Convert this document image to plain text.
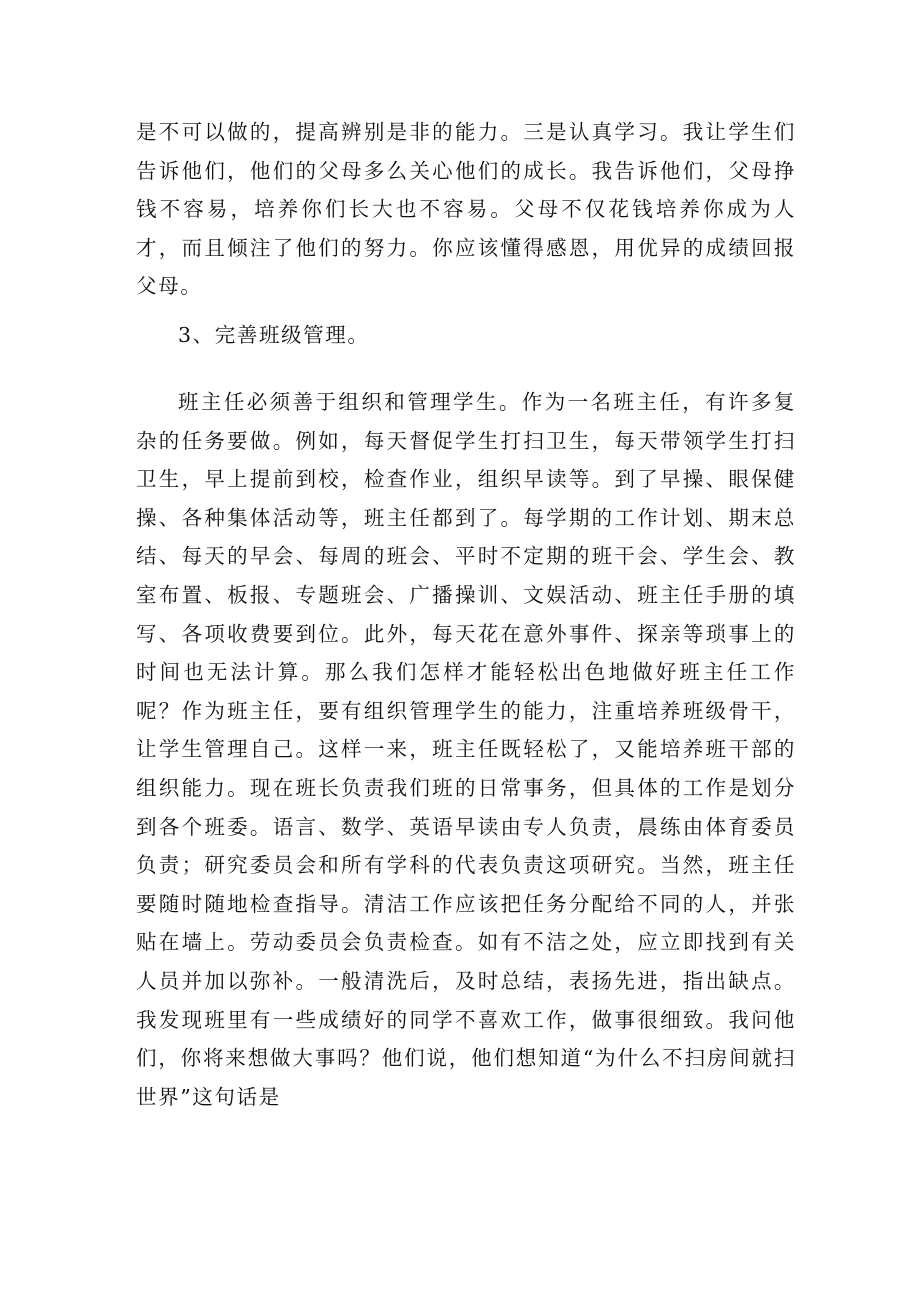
是不可以做的，提高辨别是非的能力。三是认真学习。我让学生们告诉他们，他们的父母多么关心他们的成长。我告诉他们，父母挣钱不容易，培养你们长大也不容易。父母不仅花钱培养你成为人才，而且倾注了他们的努力。你应该懂得感恩，用优异的成绩回报父母。

3、完善班级管理。

班主任必须善于组织和管理学生。作为一名班主任，有许多复杂的任务要做。例如，每天督促学生打扫卫生，每天带领学生打扫卫生，早上提前到校，检查作业，组织早读等。到了早操、眼保健操、各种集体活动等，班主任都到了。每学期的工作计划、期末总结、每天的早会、每周的班会、平时不定期的班干会、学生会、教室布置、板报、专题班会、广播操训、文娱活动、班主任手册的填写、各项收费要到位。此外，每天花在意外事件、探亲等琐事上的时间也无法计算。那么我们怎样才能轻松出色地做好班主任工作呢？作为班主任，要有组织管理学生的能力，注重培养班级骨干，让学生管理自己。这样一来，班主任既轻松了，又能培养班干部的组织能力。现在班长负责我们班的日常事务，但具体的工作是划分到各个班委。语言、数学、英语早读由专人负责，晨练由体育委员负责；研究委员会和所有学科的代表负责这项研究。当然，班主任要随时随地检查指导。清洁工作应该把任务分配给不同的人，并张贴在墙上。劳动委员会负责检查。如有不洁之处，应立即找到有关人员并加以弥补。一般清洗后，及时总结，表扬先进，指出缺点。我发现班里有一些成绩好的同学不喜欢工作，做事很细致。我问他们，你将来想做大事吗？他们说，他们想知道“为什么不扫房间就扫世界”这句话是
